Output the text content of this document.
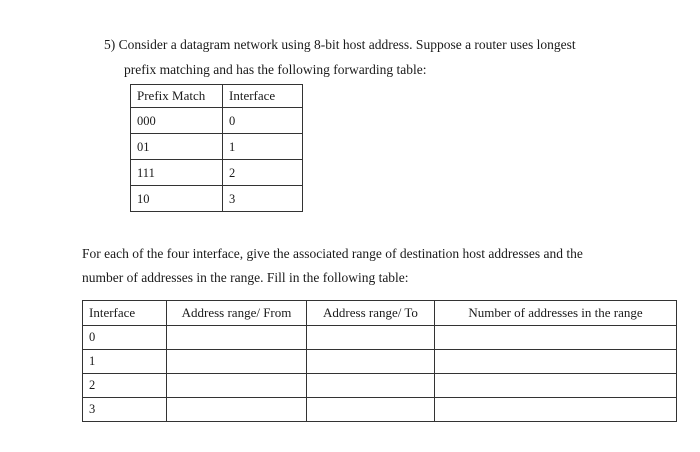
5) Consider a datagram network using 8-bit host address. Suppose a router uses longest
prefix matching and has the following forwarding table:
Prefix Match	Interface
000	0
01	1
111	2
10	3
For each of the four interface, give the associated range of destination host addresses and the
number of addresses in the range. Fill in the following table:
Interface	Address range/ From	Address range/ To	Number of addresses in the range
0			
1			
2			
3			
